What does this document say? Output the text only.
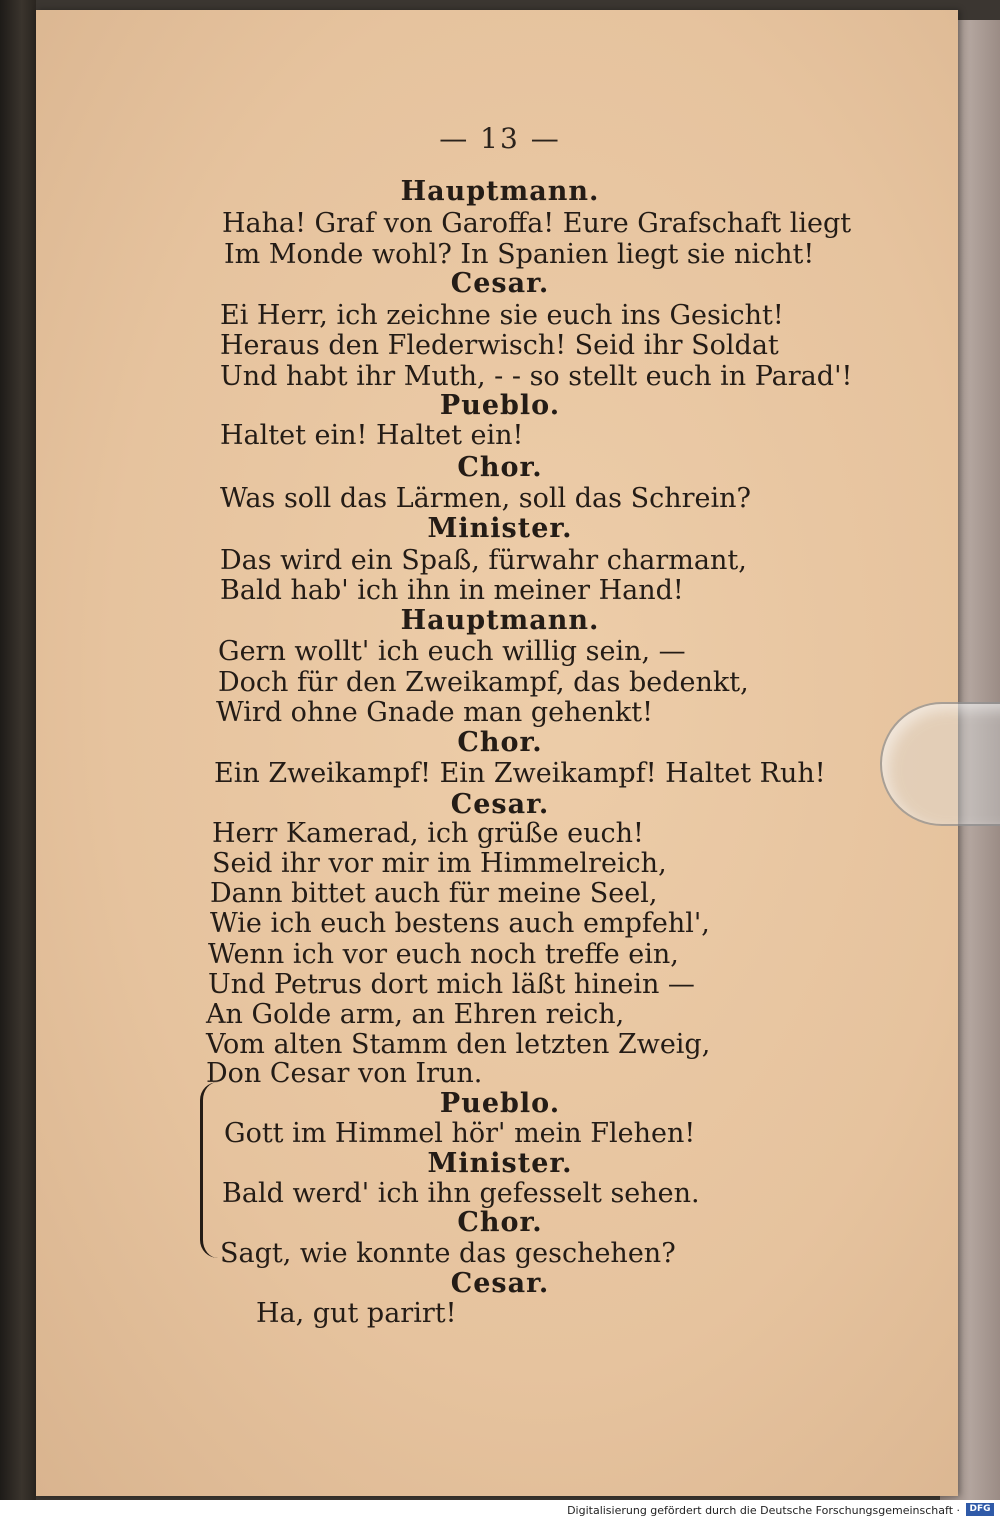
— 13 —
Hauptmann.
Haha! Graf von Garoffa! Eure Grafschaft liegt
Im Monde wohl? In Spanien liegt sie nicht!
Cesar.
Ei Herr, ich zeichne sie euch ins Gesicht!
Heraus den Flederwisch! Seid ihr Soldat
Und habt ihr Muth, - - so stellt euch in Parad'!
Pueblo.
Haltet ein! Haltet ein!
Chor.
Was soll das Lärmen, soll das Schrein?
Minister.
Das wird ein Spaß, fürwahr charmant,
Bald hab' ich ihn in meiner Hand!
Hauptmann.
Gern wollt' ich euch willig sein, —
Doch für den Zweikampf, das bedenkt,
Wird ohne Gnade man gehenkt!
Chor.
Ein Zweikampf! Ein Zweikampf! Haltet Ruh!
Cesar.
Herr Kamerad, ich grüße euch!
Seid ihr vor mir im Himmelreich,
Dann bittet auch für meine Seel,
Wie ich euch bestens auch empfehl',
Wenn ich vor euch noch treffe ein,
Und Petrus dort mich läßt hinein —
An Golde arm, an Ehren reich,
Vom alten Stamm den letzten Zweig,
Don Cesar von Irun.
Pueblo.
Gott im Himmel hör' mein Flehen!
Minister.
Bald werd' ich ihn gefesselt sehen.
Chor.
Sagt, wie konnte das geschehen?
Cesar.
Ha, gut parirt!
Digitalisierung gefördert durch die Deutsche Forschungsgemeinschaft ·	DFG
